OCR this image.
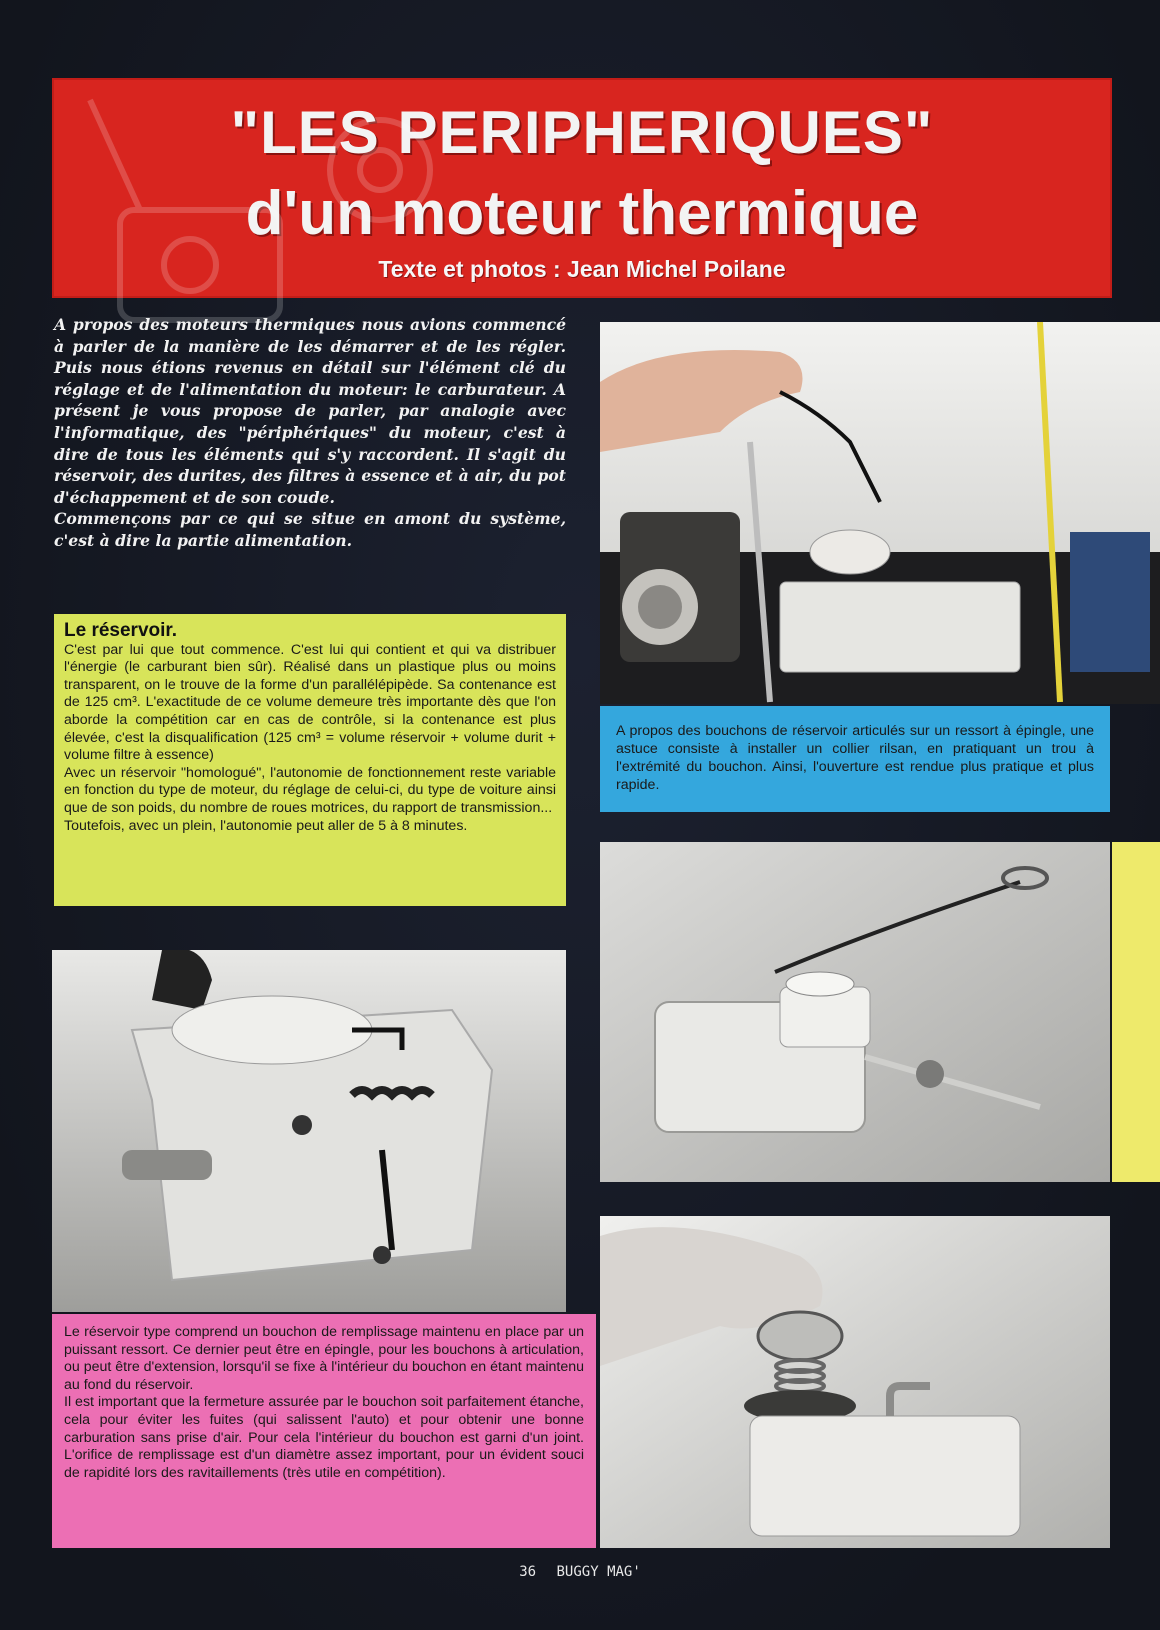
"LES PERIPHERIQUES"
d'un moteur thermique
Texte et photos : Jean Michel Poilane

A propos des moteurs thermiques nous avions commencé à parler de la manière de les démarrer et de les régler. Puis nous étions revenus en détail sur l'élément clé du réglage et de l'alimentation du moteur: le carburateur. A présent je vous propose de parler, par analogie avec l'informatique, des "périphériques" du moteur, c'est à dire de tous les éléments qui s'y raccordent. Il s'agit du réservoir, des durites, des filtres à essence et à air, du pot d'échappement et de son coude.

Commençons par ce qui se situe en amont du système, c'est à dire la partie alimentation.

A propos des bouchons de réservoir articulés sur un ressort à épingle, une astuce consiste à installer un collier rilsan, en pratiquant un trou à l'extrémité du bouchon. Ainsi, l'ouverture est rendue plus pratique et plus rapide.

Le réservoir.

C'est par lui que tout commence. C'est lui qui contient et qui va distribuer l'énergie (le carburant bien sûr). Réalisé dans un plastique plus ou moins transparent, on le trouve de la forme d'un parallélépipède. Sa contenance est de 125 cm³. L'exactitude de ce volume demeure très importante dès que l'on aborde la compétition car en cas de contrôle, si la contenance est plus élevée, c'est la disqualification (125 cm³ = volume réservoir + volume durit + volume filtre à essence)

Avec un réservoir "homologué", l'autonomie de fonctionnement reste variable en fonction du type de moteur, du réglage de celui-ci, du type de voiture ainsi que de son poids, du nombre de roues motrices, du rapport de transmission...

Toutefois, avec un plein, l'autonomie peut aller de 5 à 8 minutes.

Le réservoir type comprend un bouchon de remplissage maintenu en place par un puissant ressort. Ce dernier peut être en épingle, pour les bouchons à articulation, ou peut être d'extension, lorsqu'il se fixe à l'intérieur du bouchon en étant maintenu au fond du réservoir.

Il est important que la fermeture assurée par le bouchon soit parfaitement étanche, cela pour éviter les fuites (qui salissent l'auto) et pour obtenir une bonne carburation sans prise d'air. Pour cela l'intérieur du bouchon est garni d'un joint. L'orifice de remplissage est d'un diamètre assez important, pour un évident souci de rapidité lors des ravitaillements (très utile en compétition).

36 BUGGY MAG'
